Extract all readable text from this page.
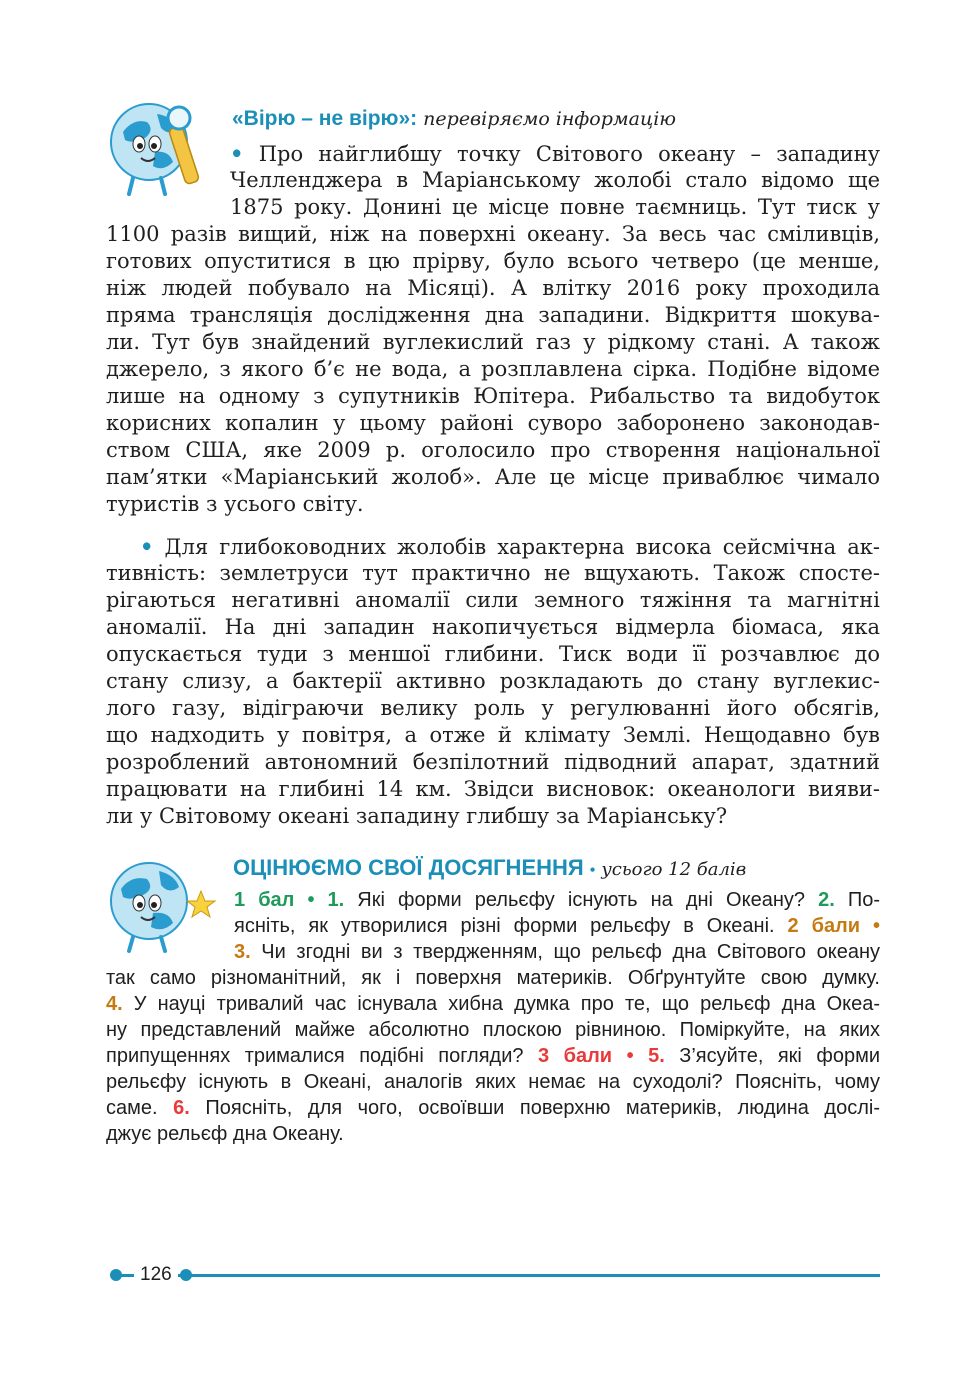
«Вірю – не вірю»: перевіряємо інформацію
• Про найглибшу точку Світового океану – западину
Челленджера в Маріанському жолобі стало відомо ще
1875 року. Донині це місце повне таємниць. Тут тиск у
1100 разів вищий, ніж на поверхні океану. За весь час сміливців,
готових опуститися в цю прірву, було всього четверо (це менше,
ніж людей побувало на Місяці). А влітку 2016 року проходила
пряма трансляція дослідження дна западини. Відкриття шокува-
ли. Тут був знайдений вуглекислий газ у рідкому стані. А також
джерело, з якого б’є не вода, а розплавлена сірка. Подібне відоме
лише на одному з супутників Юпітера. Рибальство та видобуток
корисних копалин у цьому районі суворо заборонено законодав-
ством США, яке 2009 р. оголосило про створення національної
пам’ятки «Маріанський жолоб». Але це місце приваблює чимало
туристів з усього світу.
• Для глибоководних жолобів характерна висока сейсмічна ак-
тивність: землетруси тут практично не вщухають. Також спосте-
рігаються негативні аномалії сили земного тяжіння та магнітні
аномалії. На дні западин накопичується відмерла біомаса, яка
опускається туди з меншої глибини. Тиск води її розчавлює до
стану слизу, а бактерії активно розкладають до стану вуглекис-
лого газу, відіграючи велику роль у регулюванні його обсягів,
що надходить у повітря, а отже й клімату Землі. Нещодавно був
розроблений автономний безпілотний підводний апарат, здатний
працювати на глибині 14 км. Звідси висновок: океанологи вияви-
ли у Світовому океані западину глибшу за Маріанську?
ОЦІНЮЄМО СВОЇ ДОСЯГНЕННЯ • усього 12 балів
1 бал • 1. Які форми рельєфу існують на дні Океану? 2. По-
ясніть, як утворилися різні форми рельєфу в Океані. 2 бали •
3. Чи згодні ви з твердженням, що рельєф дна Світового океану
так само різноманітний, як і поверхня материків. Обґрунтуйте свою думку.
4. У науці тривалий час існувала хибна думка про те, що рельєф дна Океа-
ну представлений майже абсолютно плоскою рівниною. Поміркуйте, на яких
припущеннях трималися подібні погляди? 3 бали • 5. З’ясуйте, які форми
рельєфу існують в Океані, аналогів яких немає на суходолі? Поясніть, чому
саме. 6. Поясніть, для чого, освоївши поверхню материків, людина дослі-
джує рельєф дна Океану.
126
